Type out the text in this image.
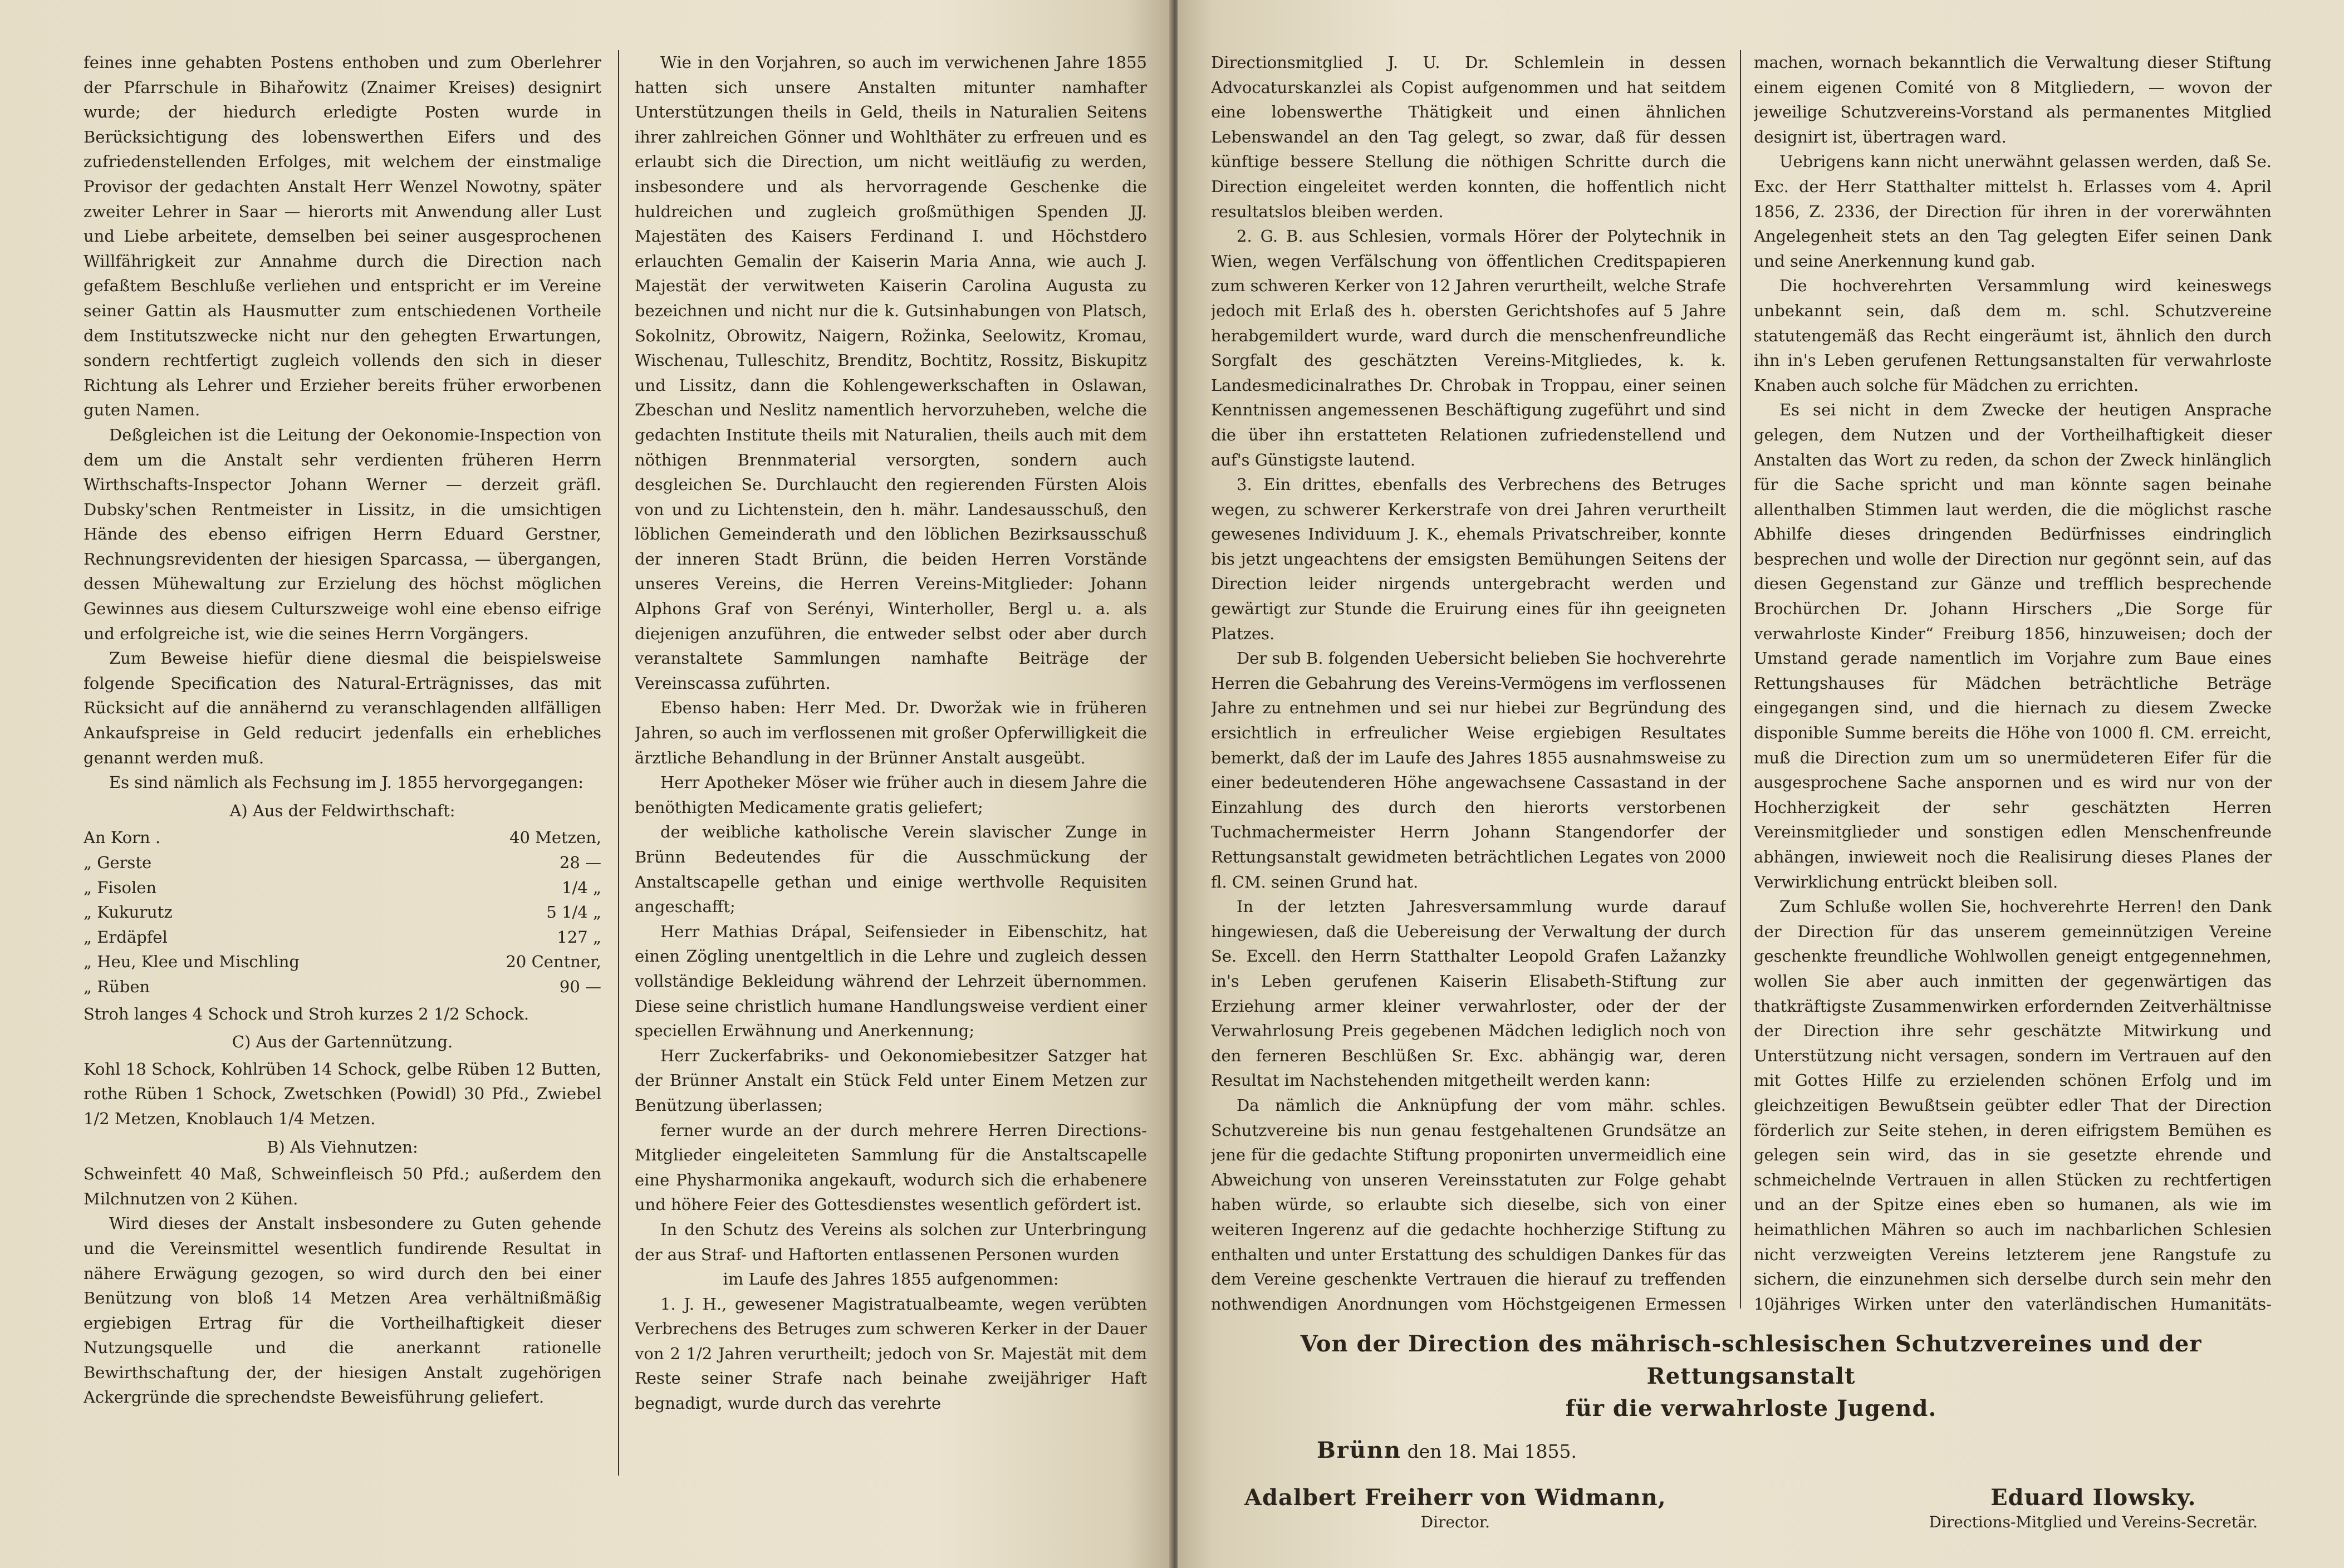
feines inne gehabten Postens enthoben und zum Oberlehrer der Pfarrschule in Bihařowitz (Znaimer Kreises) designirt wurde; der hiedurch erledigte Posten wurde in Berücksichtigung des lobenswerthen Eifers und des zufriedenstellenden Erfolges, mit welchem der einstmalige Provisor der gedachten Anstalt Herr Wenzel Nowotny, später zweiter Lehrer in Saar — hierorts mit Anwendung aller Lust und Liebe arbeitete, demselben bei seiner ausgesprochenen Willfährigkeit zur Annahme durch die Direction nach gefaßtem Beschluße verliehen und entspricht er im Vereine seiner Gattin als Hausmutter zum entschiedenen Vortheile dem Institutszwecke nicht nur den gehegten Erwartungen, sondern rechtfertigt zugleich vollends den sich in dieser Richtung als Lehrer und Erzieher bereits früher erworbenen guten Namen.

Deßgleichen ist die Leitung der Oekonomie-Inspection von dem um die Anstalt sehr verdienten früheren Herrn Wirthschafts-Inspector Johann Werner — derzeit gräfl. Dubsky'schen Rentmeister in Lissitz, in die umsichtigen Hände des ebenso eifrigen Herrn Eduard Gerstner, Rechnungsrevidenten der hiesigen Sparcassa, — übergangen, dessen Mühewaltung zur Erzielung des höchst möglichen Gewinnes aus diesem Culturszweige wohl eine ebenso eifrige und erfolgreiche ist, wie die seines Herrn Vorgängers.

Zum Beweise hiefür diene diesmal die beispielsweise folgende Specification des Natural-Erträgnisses, das mit Rücksicht auf die annähernd zu veranschlagenden allfälligen Ankaufspreise in Geld reducirt jedenfalls ein erhebliches genannt werden muß.

Es sind nämlich als Fechsung im J. 1855 hervorgegangen:

A) Aus der Feldwirthschaft:

An Korn .	40 Metzen,
„ Gerste	28 —
„ Fisolen	1/4 „
„ Kukurutz	5 1/4 „
„ Erdäpfel	127 „
„ Heu, Klee und Mischling	20 Centner,
„ Rüben	90 —

Stroh langes 4 Schock und Stroh kurzes 2 1/2 Schock.

C) Aus der Gartennützung.

Kohl 18 Schock, Kohlrüben 14 Schock, gelbe Rüben 12 Butten, rothe Rüben 1 Schock, Zwetschken (Powidl) 30 Pfd., Zwiebel 1/2 Metzen, Knoblauch 1/4 Metzen.

B) Als Viehnutzen:

Schweinfett 40 Maß, Schweinfleisch 50 Pfd.; außerdem den Milchnutzen von 2 Kühen.

Wird dieses der Anstalt insbesondere zu Guten gehende und die Vereinsmittel wesentlich fundirende Resultat in nähere Erwägung gezogen, so wird durch den bei einer Benützung von bloß 14 Metzen Area verhältnißmäßig ergiebigen Ertrag für die Vortheilhaftigkeit dieser Nutzungsquelle und die anerkannt rationelle Bewirthschaftung der, der hiesigen Anstalt zugehörigen Ackergründe die sprechendste Beweisführung geliefert.

Wie in den Vorjahren, so auch im verwichenen Jahre 1855 hatten sich unsere Anstalten mitunter namhafter Unterstützungen theils in Geld, theils in Naturalien Seitens ihrer zahlreichen Gönner und Wohlthäter zu erfreuen und es erlaubt sich die Direction, um nicht weitläufig zu werden, insbesondere und als hervorragende Geschenke die huldreichen und zugleich großmüthigen Spenden JJ. Majestäten des Kaisers Ferdinand I. und Höchstdero erlauchten Gemalin der Kaiserin Maria Anna, wie auch J. Majestät der verwitweten Kaiserin Carolina Augusta zu bezeichnen und nicht nur die k. Gutsinhabungen von Platsch, Sokolnitz, Obrowitz, Naigern, Rožinka, Seelowitz, Kromau, Wischenau, Tulleschitz, Brenditz, Bochtitz, Rossitz, Biskupitz und Lissitz, dann die Kohlengewerkschaften in Oslawan, Zbeschan und Neslitz namentlich hervorzuheben, welche die gedachten Institute theils mit Naturalien, theils auch mit dem nöthigen Brennmaterial versorgten, sondern auch desgleichen Se. Durchlaucht den regierenden Fürsten Alois von und zu Lichtenstein, den h. mähr. Landesausschuß, den löblichen Gemeinderath und den löblichen Bezirksausschuß der inneren Stadt Brünn, die beiden Herren Vorstände unseres Vereins, die Herren Vereins-Mitglieder: Johann Alphons Graf von Serényi, Winterholler, Bergl u. a. als diejenigen anzuführen, die entweder selbst oder aber durch veranstaltete Sammlungen namhafte Beiträge der Vereinscassa zuführten.

Ebenso haben: Herr Med. Dr. Dworžak wie in früheren Jahren, so auch im verflossenen mit großer Opferwilligkeit die ärztliche Behandlung in der Brünner Anstalt ausgeübt.

Herr Apotheker Möser wie früher auch in diesem Jahre die benöthigten Medicamente gratis geliefert;

der weibliche katholische Verein slavischer Zunge in Brünn Bedeutendes für die Ausschmückung der Anstaltscapelle gethan und einige werthvolle Requisiten angeschafft;

Herr Mathias Drápal, Seifensieder in Eibenschitz, hat einen Zögling unentgeltlich in die Lehre und zugleich dessen vollständige Bekleidung während der Lehrzeit übernommen. Diese seine christlich humane Handlungsweise verdient einer speciellen Erwähnung und Anerkennung;

Herr Zuckerfabriks- und Oekonomiebesitzer Satzger hat der Brünner Anstalt ein Stück Feld unter Einem Metzen zur Benützung überlassen;

ferner wurde an der durch mehrere Herren Directions-Mitglieder eingeleiteten Sammlung für die Anstaltscapelle eine Physharmonika angekauft, wodurch sich die erhabenere und höhere Feier des Gottesdienstes wesentlich gefördert ist.

In den Schutz des Vereins als solchen zur Unterbringung der aus Straf- und Haftorten entlassenen Personen wurden

im Laufe des Jahres 1855 aufgenommen:

1. J. H., gewesener Magistratualbeamte, wegen verübten Verbrechens des Betruges zum schweren Kerker in der Dauer von 2 1/2 Jahren verurtheilt; jedoch von Sr. Majestät mit dem Reste seiner Strafe nach beinahe zweijähriger Haft begnadigt, wurde durch das verehrte

Directionsmitglied J. U. Dr. Schlemlein in dessen Advocaturskanzlei als Copist aufgenommen und hat seitdem eine lobenswerthe Thätigkeit und einen ähnlichen Lebenswandel an den Tag gelegt, so zwar, daß für dessen künftige bessere Stellung die nöthigen Schritte durch die Direction eingeleitet werden konnten, die hoffentlich nicht resultatslos bleiben werden.

2. G. B. aus Schlesien, vormals Hörer der Polytechnik in Wien, wegen Verfälschung von öffentlichen Creditspapieren zum schweren Kerker von 12 Jahren verurtheilt, welche Strafe jedoch mit Erlaß des h. obersten Gerichtshofes auf 5 Jahre herabgemildert wurde, ward durch die menschenfreundliche Sorgfalt des geschätzten Vereins-Mitgliedes, k. k. Landesmedicinalrathes Dr. Chrobak in Troppau, einer seinen Kenntnissen angemessenen Beschäftigung zugeführt und sind die über ihn erstatteten Relationen zufriedenstellend und auf's Günstigste lautend.

3. Ein drittes, ebenfalls des Verbrechens des Betruges wegen, zu schwerer Kerkerstrafe von drei Jahren verurtheilt gewesenes Individuum J. K., ehemals Privatschreiber, konnte bis jetzt ungeachtens der emsigsten Bemühungen Seitens der Direction leider nirgends untergebracht werden und gewärtigt zur Stunde die Eruirung eines für ihn geeigneten Platzes.

Der sub B. folgenden Uebersicht belieben Sie hochverehrte Herren die Gebahrung des Vereins-Vermögens im verflossenen Jahre zu entnehmen und sei nur hiebei zur Begründung des ersichtlich in erfreulicher Weise ergiebigen Resultates bemerkt, daß der im Laufe des Jahres 1855 ausnahmsweise zu einer bedeutenderen Höhe angewachsene Cassastand in der Einzahlung des durch den hierorts verstorbenen Tuchmachermeister Herrn Johann Stangendorfer der Rettungsanstalt gewidmeten beträchtlichen Legates von 2000 fl. CM. seinen Grund hat.

In der letzten Jahresversammlung wurde darauf hingewiesen, daß die Uebereisung der Verwaltung der durch Se. Excell. den Herrn Statthalter Leopold Grafen Lažanzky in's Leben gerufenen Kaiserin Elisabeth-Stiftung zur Erziehung armer kleiner verwahrloster, oder der der Verwahrlosung Preis gegebenen Mädchen lediglich noch von den ferneren Beschlüßen Sr. Exc. abhängig war, deren Resultat im Nachstehenden mitgetheilt werden kann:

Da nämlich die Anknüpfung der vom mähr. schles. Schutzvereine bis nun genau festgehaltenen Grundsätze an jene für die gedachte Stiftung proponirten unvermeidlich eine Abweichung von unseren Vereinsstatuten zur Folge gehabt haben würde, so erlaubte sich dieselbe, sich von einer weiteren Ingerenz auf die gedachte hochherzige Stiftung zu enthalten und unter Erstattung des schuldigen Dankes für das dem Vereine geschenkte Vertrauen die hierauf zu treffenden nothwendigen Anordnungen vom Höchstgeigenen Ermessen

machen, wornach bekanntlich die Verwaltung dieser Stiftung einem eigenen Comité von 8 Mitgliedern, — wovon der jeweilige Schutzvereins-Vorstand als permanentes Mitglied designirt ist, übertragen ward.

Uebrigens kann nicht unerwähnt gelassen werden, daß Se. Exc. der Herr Statthalter mittelst h. Erlasses vom 4. April 1856, Z. 2336, der Direction für ihren in der vorerwähnten Angelegenheit stets an den Tag gelegten Eifer seinen Dank und seine Anerkennung kund gab.

Die hochverehrten Versammlung wird keineswegs unbekannt sein, daß dem m. schl. Schutzvereine statutengemäß das Recht eingeräumt ist, ähnlich den durch ihn in's Leben gerufenen Rettungsanstalten für verwahrloste Knaben auch solche für Mädchen zu errichten.

Es sei nicht in dem Zwecke der heutigen Ansprache gelegen, dem Nutzen und der Vortheilhaftigkeit dieser Anstalten das Wort zu reden, da schon der Zweck hinlänglich für die Sache spricht und man könnte sagen beinahe allenthalben Stimmen laut werden, die die möglichst rasche Abhilfe dieses dringenden Bedürfnisses eindringlich besprechen und wolle der Direction nur gegönnt sein, auf das diesen Gegenstand zur Gänze und trefflich besprechende Brochürchen Dr. Johann Hirschers „Die Sorge für verwahrloste Kinder“ Freiburg 1856, hinzuweisen; doch der Umstand gerade namentlich im Vorjahre zum Baue eines Rettungshauses für Mädchen beträchtliche Beträge eingegangen sind, und die hiernach zu diesem Zwecke disponible Summe bereits die Höhe von 1000 fl. CM. erreicht, muß die Direction zum um so unermüdeteren Eifer für die ausgesprochene Sache anspornen und es wird nur von der Hochherzigkeit der sehr geschätzten Herren Vereinsmitglieder und sonstigen edlen Menschenfreunde abhängen, inwieweit noch die Realisirung dieses Planes der Verwirklichung entrückt bleiben soll.

Zum Schluße wollen Sie, hochverehrte Herren! den Dank der Direction für das unserem gemeinnützigen Vereine geschenkte freundliche Wohlwollen geneigt entgegennehmen, wollen Sie aber auch inmitten der gegenwärtigen das thatkräftigste Zusammenwirken erfordernden Zeitverhältnisse der Direction ihre sehr geschätzte Mitwirkung und Unterstützung nicht versagen, sondern im Vertrauen auf den mit Gottes Hilfe zu erzielenden schönen Erfolg und im gleichzeitigen Bewußtsein geübter edler That der Direction förderlich zur Seite stehen, in deren eifrigstem Bemühen es gelegen sein wird, das in sie gesetzte ehrende und schmeichelnde Vertrauen in allen Stücken zu rechtfertigen und an der Spitze eines eben so humanen, als wie im heimathlichen Mähren so auch im nachbarlichen Schlesien nicht verzweigten Vereins letzterem jene Rangstufe zu sichern, die einzunehmen sich derselbe durch sein mehr den 10jähriges Wirken unter den vaterländischen Humanitäts-

Von der Direction des mährisch-schlesischen Schutzvereines und der Rettungsanstalt
für die verwahrloste Jugend.
Brünn den 18. Mai 1855.
Adalbert Freiherr von Widmann,
Director.
Eduard Ilowsky.
Directions-Mitglied und Vereins-Secretär.
